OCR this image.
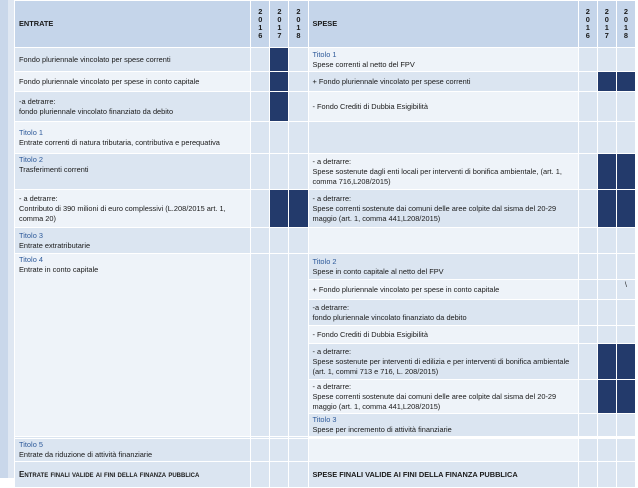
ENTRATE	2016	2017	2018	SPESE	2016	2017	2018
Fondo pluriennale vincolato per spese correnti				Titolo 1
Spese correnti al netto del FPV			

Fondo pluriennale vincolato per spese in conto capitale				+ Fondo pluriennale vincolato per spese correnti			

-a detrarre:
fondo pluriennale vincolato finanziato da debito				- Fondo Crediti di Dubbia Esigibilità			

Titolo 1
Entrate correnti di natura tributaria, contributiva e perequativa							

Titolo 2
Trasferimenti correnti				- a detrarre:
Spese sostenute dagli enti locali per interventi di bonifica ambientale, (art. 1, comma 716,L208/2015)			

- a detrarre:
Contributo di 390 milioni di euro complessivi (L.208/2015 art. 1, comma 20)				- a detrarre:
Spese correnti sostenute dai comuni delle aree colpite dal sisma del 20-29 maggio (art. 1, comma 441,L208/2015)			

Titolo 3
Entrate extratributarie							

Titolo 4
Entrate in conto capitale				Titolo 2
Spese in conto capitale al netto del FPV			

				+ Fondo pluriennale vincolato per spese in conto capitale			\

				-a detrarre:
fondo pluriennale vincolato finanziato da debito			

				- Fondo Crediti di Dubbia Esigibilità			

				- a detrarre:
Spese sostenute per interventi di edilizia e per interventi di bonifica ambientale (art. 1, commi 713 e 716, L. 208/2015)			

				- a detrarre:
Spese correnti sostenute dai comuni delle aree colpite dal sisma del 20-29 maggio (art. 1, comma 441,L208/2015)			

				Titolo 3
Spese per incremento di attività finanziarie			

Titolo 5
Entrate da riduzione di attività finanziarie							

Entrate finali valide ai fini della finanza pubblica				SPESE FINALI VALIDE AI FINI DELLA FINANZA PUBBLICA			
